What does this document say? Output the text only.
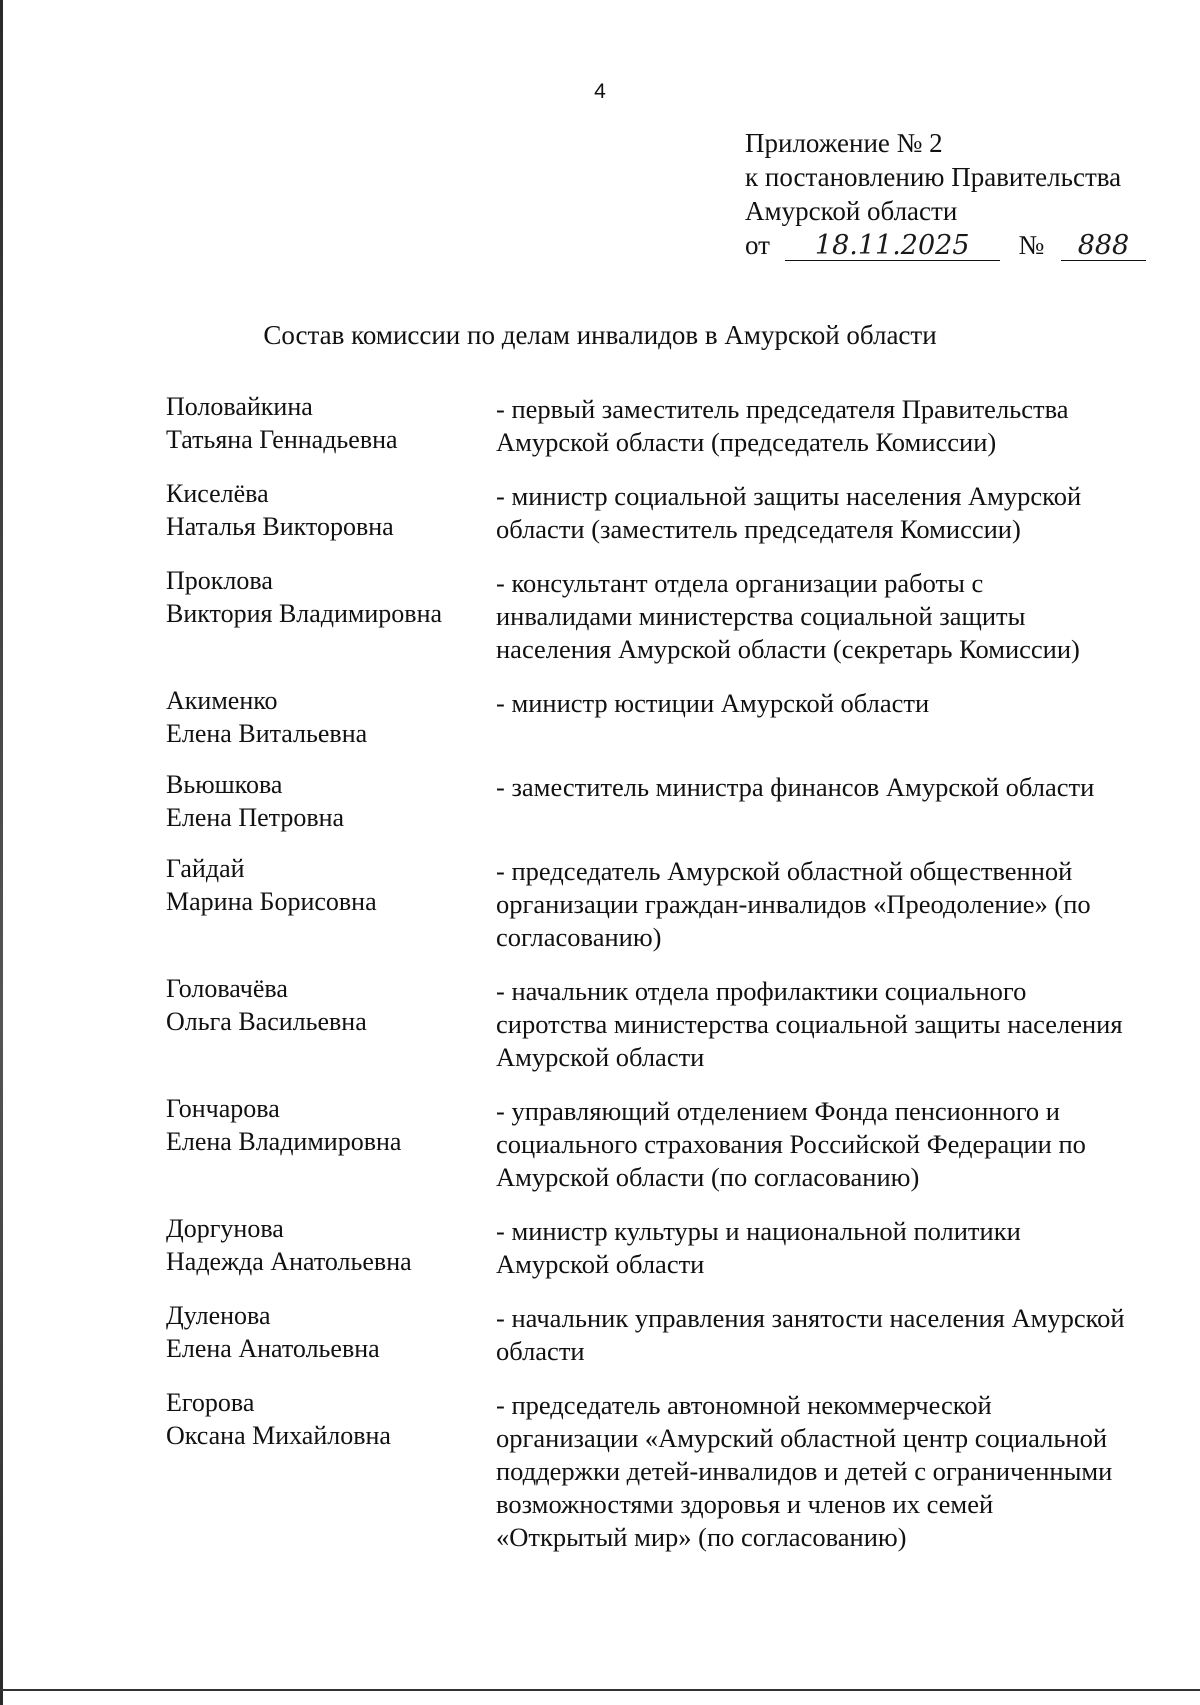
4
Приложение № 2
к постановлению Правительства
Амурской области
от 18.11.2025 № 888
Состав комиссии по делам инвалидов в Амурской области
Половайкина
Татьяна Геннадьевна
- первый заместитель председателя Правительства Амурской области (председатель Комиссии)
Киселёва
Наталья Викторовна
- министр социальной защиты населения Амурской области (заместитель председателя Комиссии)
Проклова
Виктория Владимировна
- консультант отдела организации работы с инвалидами министерства социальной защиты населения Амурской области (секретарь Комиссии)
Акименко
Елена Витальевна
- министр юстиции Амурской области
Вьюшкова
Елена Петровна
- заместитель министра финансов Амурской области
Гайдай
Марина Борисовна
- председатель Амурской областной общественной организации граждан-инвалидов «Преодоление» (по согласованию)
Головачёва
Ольга Васильевна
- начальник отдела профилактики социального сиротства министерства социальной защиты населения Амурской области
Гончарова
Елена Владимировна
- управляющий отделением Фонда пенсионного и социального страхования Российской Федерации по Амурской области (по согласованию)
Доргунова
Надежда Анатольевна
- министр культуры и национальной политики Амурской области
Дуленова
Елена Анатольевна
- начальник управления занятости населения Амурской области
Егорова
Оксана Михайловна
- председатель автономной некоммерческой организации «Амурский областной центр социальной поддержки детей-инвалидов и детей с ограниченными возможностями здоровья и членов их семей «Открытый мир» (по согласованию)
